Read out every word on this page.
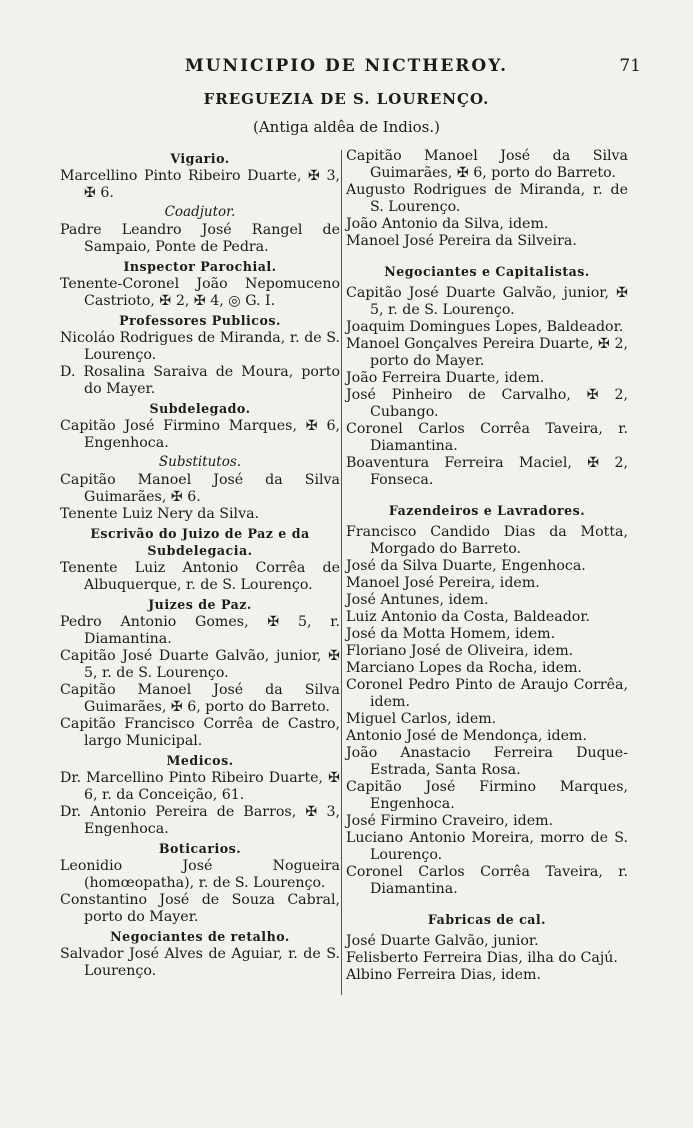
MUNICIPIO DE NICTHEROY.	71
FREGUEZIA DE S. LOURENÇO.
(Antiga aldêa de Indios.)
Vigario.
Marcellino Pinto Ribeiro Duarte, ✠ 3, ✠ 6.
Coadjutor.
Padre Leandro José Rangel de Sampaio, Ponte de Pedra.
Inspector Parochial.
Tenente-Coronel João Nepomuceno Castrioto, ✠ 2, ✠ 4, ◎ G. I.
Professores Publicos.
Nicoláo Rodrigues de Miranda, r. de S. Lourenço.
D. Rosalina Saraiva de Moura, porto do Mayer.
Subdelegado.
Capitão José Firmino Marques, ✠ 6, Engenhoca.
Substitutos.
Capitão Manoel José da Silva Guimarães, ✠ 6.
Tenente Luiz Nery da Silva.
Escrivão do Juizo de Paz e da Subdelegacia.
Tenente Luiz Antonio Corrêa de Albuquerque, r. de S. Lourenço.
Juizes de Paz.
Pedro Antonio Gomes, ✠ 5, r. Diamantina.
Capitão José Duarte Galvão, junior, ✠ 5, r. de S. Lourenço.
Capitão Manoel José da Silva Guimarães, ✠ 6, porto do Barreto.
Capitão Francisco Corrêa de Castro, largo Municipal.
Medicos.
Dr. Marcellino Pinto Ribeiro Duarte, ✠ 6, r. da Conceição, 61.
Dr. Antonio Pereira de Barros, ✠ 3, Engenhoca.
Boticarios.
Leonidio José Nogueira (homœopatha), r. de S. Lourenço.
Constantino José de Souza Cabral, porto do Mayer.
Negociantes de retalho.
Salvador José Alves de Aguiar, r. de S. Lourenço.
Capitão Manoel José da Silva Guimarães, ✠ 6, porto do Barreto.
Augusto Rodrigues de Miranda, r. de S. Lourenço.
João Antonio da Silva, idem.
Manoel José Pereira da Silveira.
Negociantes e Capitalistas.
Capitão José Duarte Galvão, junior, ✠ 5, r. de S. Lourenço.
Joaquim Domingues Lopes, Baldeador.
Manoel Gonçalves Pereira Duarte, ✠ 2, porto do Mayer.
João Ferreira Duarte, idem.
José Pinheiro de Carvalho, ✠ 2, Cubango.
Coronel Carlos Corrêa Taveira, r. Diamantina.
Boaventura Ferreira Maciel, ✠ 2, Fonseca.
Fazendeiros e Lavradores.
Francisco Candido Dias da Motta, Morgado do Barreto.
José da Silva Duarte, Engenhoca.
Manoel José Pereira, idem.
José Antunes, idem.
Luiz Antonio da Costa, Baldeador.
José da Motta Homem, idem.
Floriano José de Oliveira, idem.
Marciano Lopes da Rocha, idem.
Coronel Pedro Pinto de Araujo Corrêa, idem.
Miguel Carlos, idem.
Antonio José de Mendonça, idem.
João Anastacio Ferreira Duque-Estrada, Santa Rosa.
Capitão José Firmino Marques, Engenhoca.
José Firmino Craveiro, idem.
Luciano Antonio Moreira, morro de S. Lourenço.
Coronel Carlos Corrêa Taveira, r. Diamantina.
Fabricas de cal.
José Duarte Galvão, junior.
Felisberto Ferreira Dias, ilha do Cajú.
Albino Ferreira Dias, idem.
